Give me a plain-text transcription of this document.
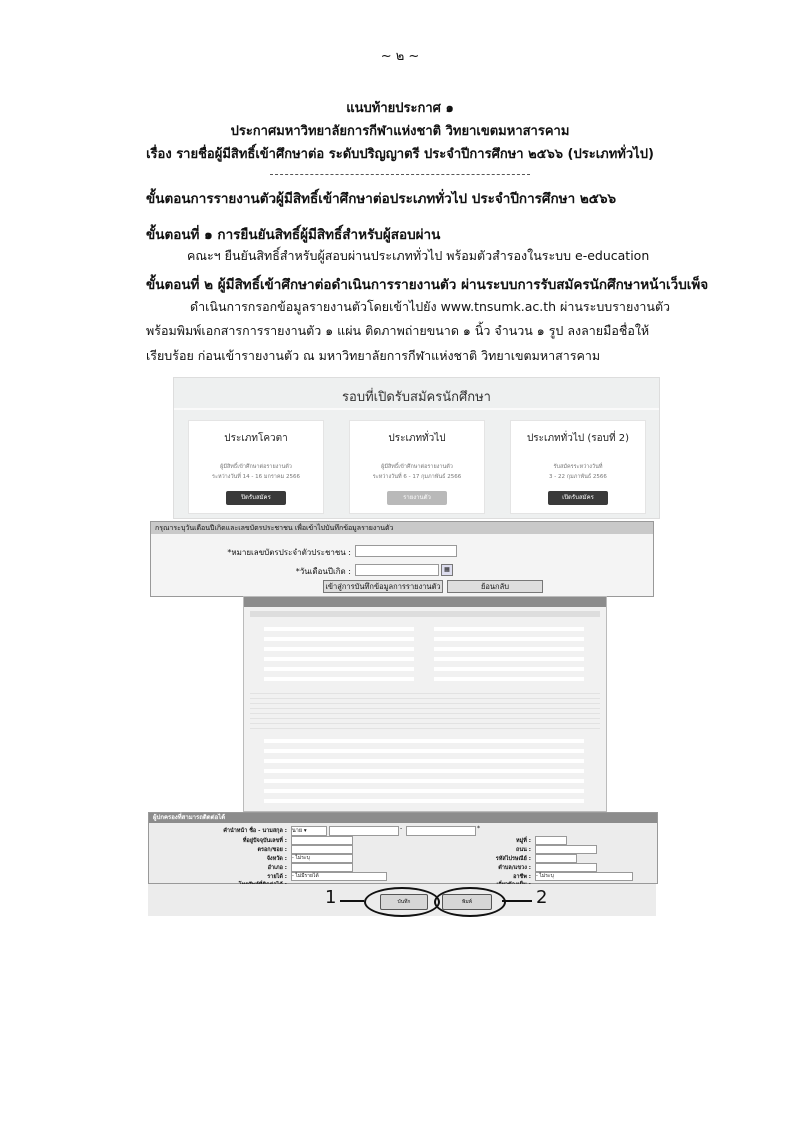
~ ๒ ~
แนบท้ายประกาศ ๑
ประกาศมหาวิทยาลัยการกีฬาแห่งชาติ วิทยาเขตมหาสารคาม
เรื่อง รายชื่อผู้มีสิทธิ์เข้าศึกษาต่อ ระดับปริญญาตรี ประจำปีการศึกษา ๒๕๖๖ (ประเภททั่วไป)
ขั้นตอนการรายงานตัวผู้มีสิทธิ์เข้าศึกษาต่อประเภททั่วไป ประจำปีการศึกษา ๒๕๖๖
ขั้นตอนที่ ๑ การยืนยันสิทธิ์ผู้มีสิทธิ์สำหรับผู้สอบผ่าน
คณะฯ ยืนยันสิทธิ์สำหรับผู้สอบผ่านประเภททั่วไป พร้อมตัวสำรองในระบบ e-education
ขั้นตอนที่ ๒ ผู้มีสิทธิ์เข้าศึกษาต่อดำเนินการรายงานตัว ผ่านระบบการรับสมัครนักศึกษาหน้าเว็บเพ็จ
ดำเนินการกรอกข้อมูลรายงานตัวโดยเข้าไปยัง www.tnsumk.ac.th ผ่านระบบรายงานตัว
พร้อมพิมพ์เอกสารการรายงานตัว ๑ แผ่น ติดภาพถ่ายขนาด ๑ นิ้ว จำนวน ๑ รูป ลงลายมือชื่อให้
เรียบร้อย ก่อนเข้ารายงานตัว ณ มหาวิทยาลัยการกีฬาแห่งชาติ วิทยาเขตมหาสารคาม
รอบที่เปิดรับสมัครนักศึกษา
ประเภทโควตา
ผู้มีสิทธิ์เข้าศึกษาต่อรายงานตัว
ระหว่างวันที่ 14 - 16 มกราคม 2566
ปิดรับสมัคร
ประเภททั่วไป
ผู้มีสิทธิ์เข้าศึกษาต่อรายงานตัว
ระหว่างวันที่ 6 - 17 กุมภาพันธ์ 2566
รายงานตัว
ประเภททั่วไป (รอบที่ 2)
รับสมัครระหว่างวันที่
3 - 22 กุมภาพันธ์ 2566
เปิดรับสมัคร
กรุณาระบุวันเดือนปีเกิดและเลขบัตรประชาชน เพื่อเข้าไปบันทึกข้อมูลรายงานตัว
*หมายเลขบัตรประจำตัวประชาชน :
*วันเดือนปีเกิด :	▦
เข้าสู่การบันทึกข้อมูลการรายงานตัว	ย้อนกลับ
ผู้ปกครองที่สามารถติดต่อได้
คำนำหน้า ชื่อ - นามสกุล : นาย ▾	-	*
ที่อยู่ปัจจุบันเลขที่ :	หมู่ที่ :
ตรอก/ซอย :	ถนน :
จังหวัด : - ไม่ระบุ	รหัสไปรษณีย์ :
อำเภอ :	ตำบล/แขวง :
รายได้ : - ไม่มีรายได้	อาชีพ : - ไม่ระบุ
บันทึก	พิมพ์
1	2
